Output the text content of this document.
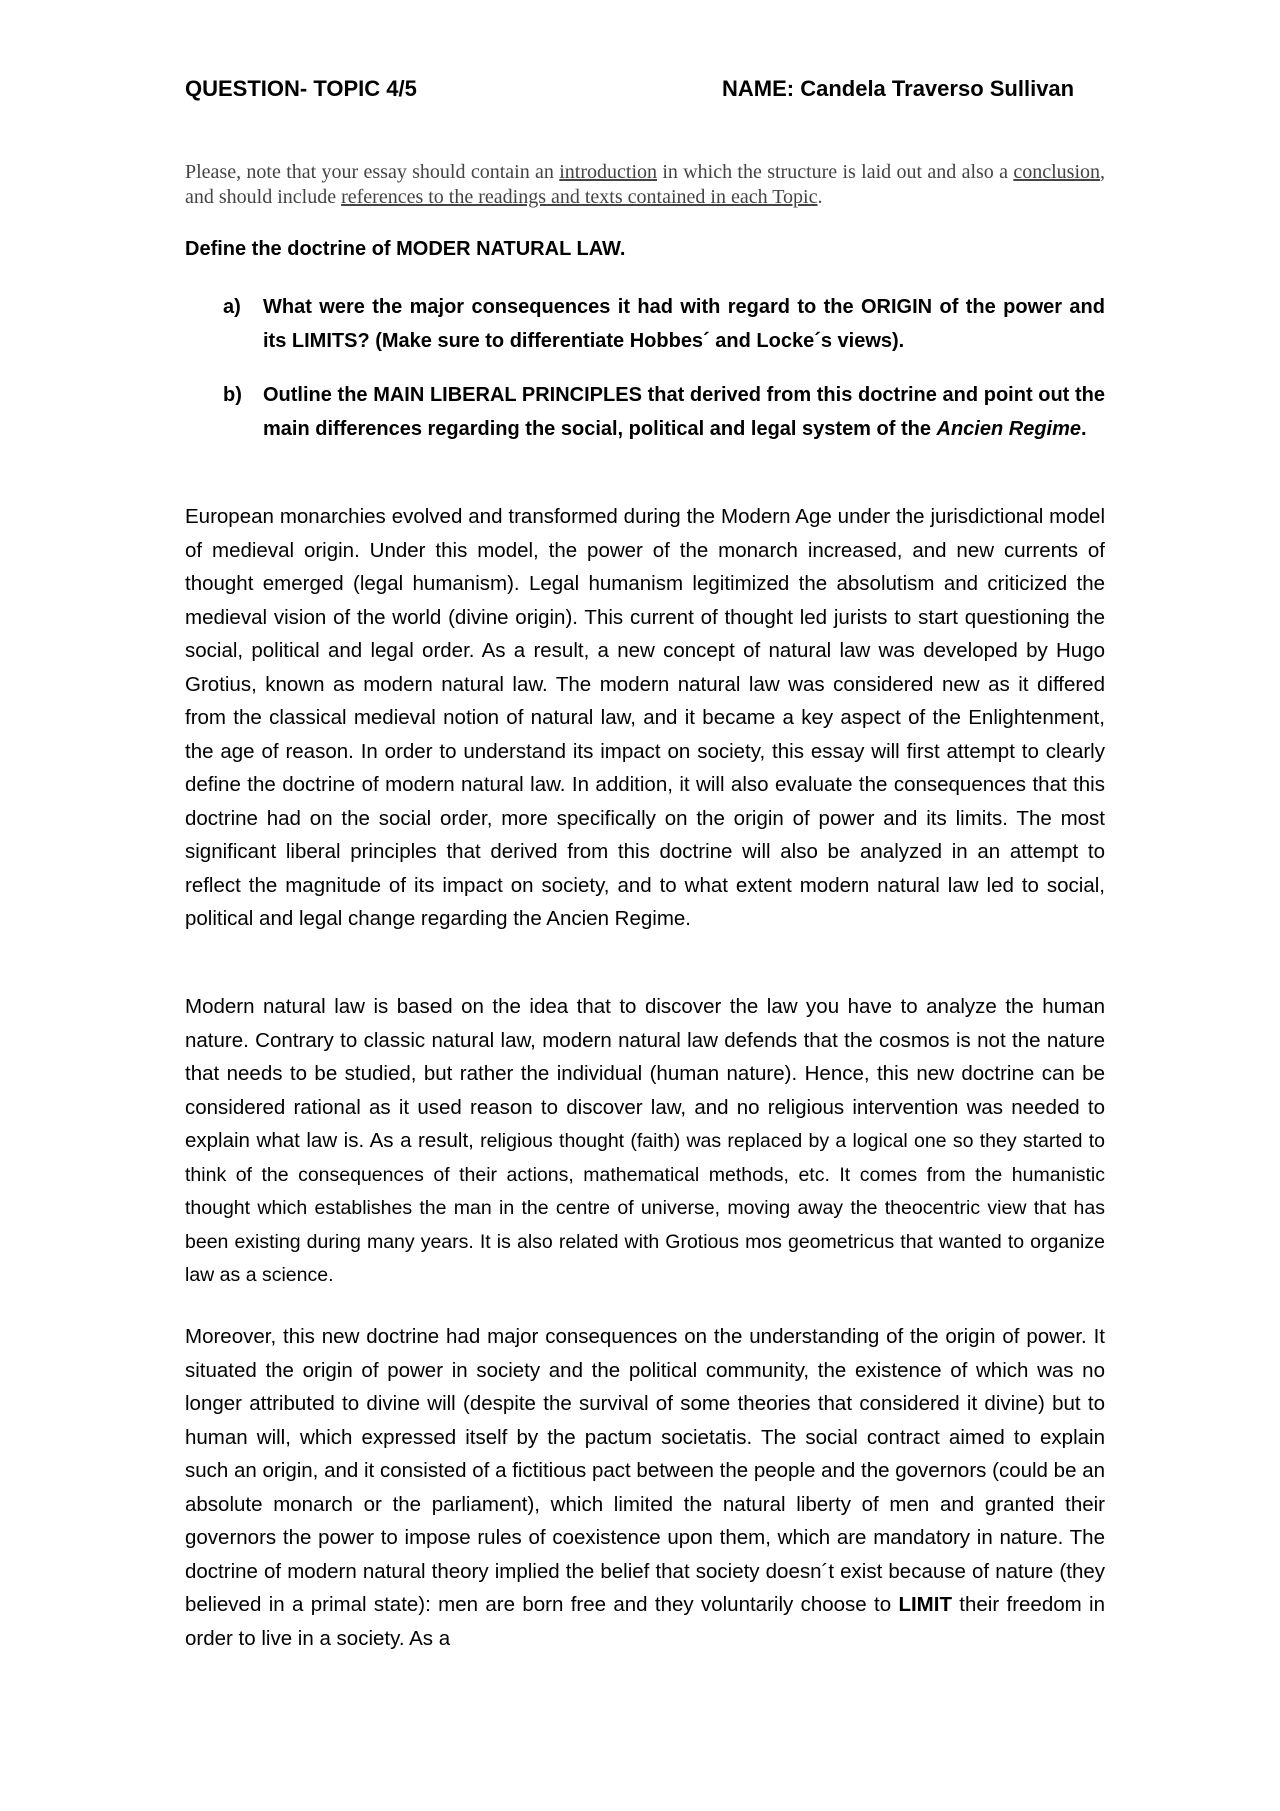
QUESTION- TOPIC 4/5	NAME: Candela Traverso Sullivan
Please, note that your essay should contain an introduction in which the structure is laid out and also a conclusion, and should include references to the readings and texts contained in each Topic.
Define the doctrine of MODER NATURAL LAW.
a) What were the major consequences it had with regard to the ORIGIN of the power and its LIMITS? (Make sure to differentiate Hobbes´ and Locke´s views).
b) Outline the MAIN LIBERAL PRINCIPLES that derived from this doctrine and point out the main differences regarding the social, political and legal system of the Ancien Regime.
European monarchies evolved and transformed during the Modern Age under the jurisdictional model of medieval origin. Under this model, the power of the monarch increased, and new currents of thought emerged (legal humanism). Legal humanism legitimized the absolutism and criticized the medieval vision of the world (divine origin). This current of thought led jurists to start questioning the social, political and legal order. As a result, a new concept of natural law was developed by Hugo Grotius, known as modern natural law. The modern natural law was considered new as it differed from the classical medieval notion of natural law, and it became a key aspect of the Enlightenment, the age of reason. In order to understand its impact on society, this essay will first attempt to clearly define the doctrine of modern natural law. In addition, it will also evaluate the consequences that this doctrine had on the social order, more specifically on the origin of power and its limits. The most significant liberal principles that derived from this doctrine will also be analyzed in an attempt to reflect the magnitude of its impact on society, and to what extent modern natural law led to social, political and legal change regarding the Ancien Regime.
Modern natural law is based on the idea that to discover the law you have to analyze the human nature. Contrary to classic natural law, modern natural law defends that the cosmos is not the nature that needs to be studied, but rather the individual (human nature). Hence, this new doctrine can be considered rational as it used reason to discover law, and no religious intervention was needed to explain what law is. As a result, religious thought (faith) was replaced by a logical one so they started to think of the consequences of their actions, mathematical methods, etc. It comes from the humanistic thought which establishes the man in the centre of universe, moving away the theocentric view that has been existing during many years. It is also related with Grotious mos geometricus that wanted to organize law as a science.
Moreover, this new doctrine had major consequences on the understanding of the origin of power. It situated the origin of power in society and the political community, the existence of which was no longer attributed to divine will (despite the survival of some theories that considered it divine) but to human will, which expressed itself by the pactum societatis. The social contract aimed to explain such an origin, and it consisted of a fictitious pact between the people and the governors (could be an absolute monarch or the parliament), which limited the natural liberty of men and granted their governors the power to impose rules of coexistence upon them, which are mandatory in nature. The doctrine of modern natural theory implied the belief that society doesn´t exist because of nature (they believed in a primal state): men are born free and they voluntarily choose to LIMIT their freedom in order to live in a society. As a
